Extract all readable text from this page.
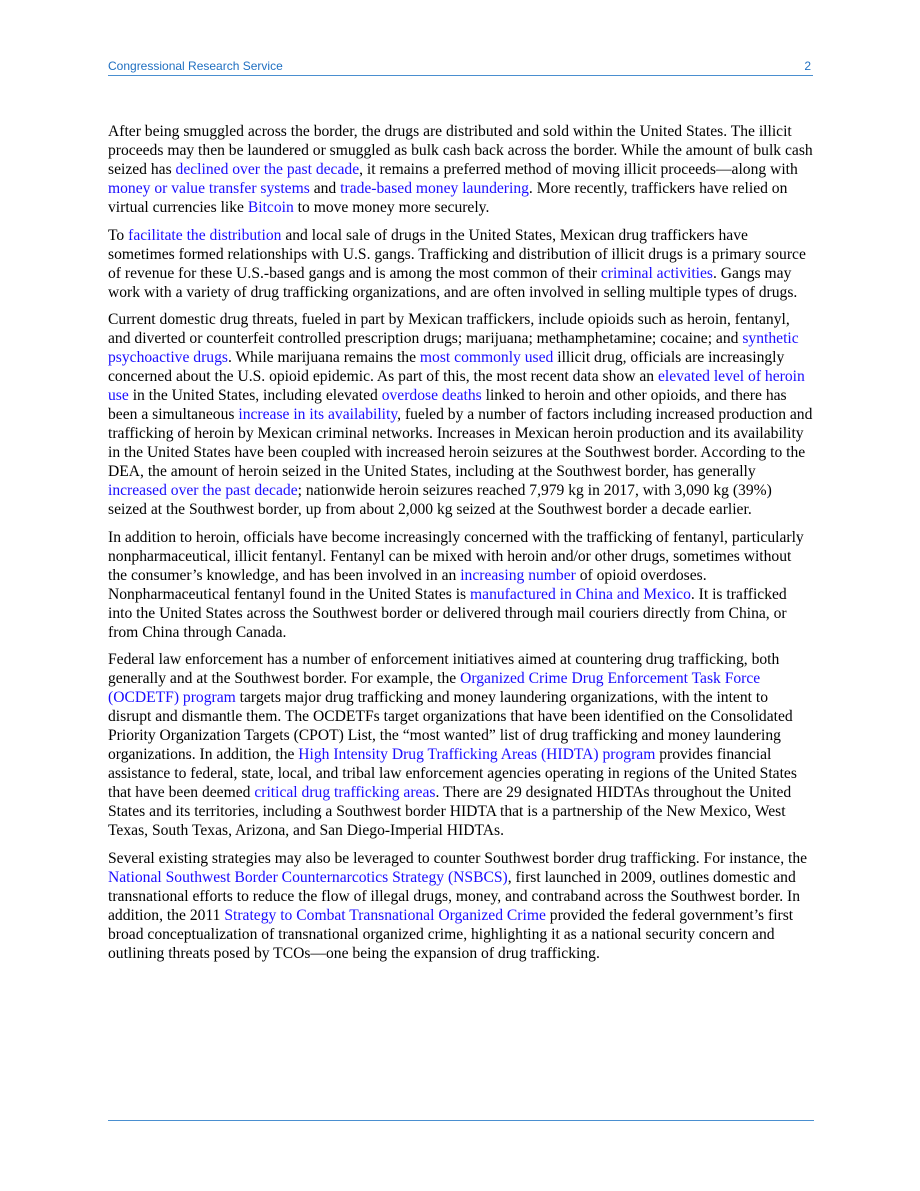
Congressional Research Service	2

After being smuggled across the border, the drugs are distributed and sold within the United States. The illicit proceeds may then be laundered or smuggled as bulk cash back across the border. While the amount of bulk cash seized has declined over the past decade, it remains a preferred method of moving illicit proceeds—along with money or value transfer systems and trade-based money laundering. More recently, traffickers have relied on virtual currencies like Bitcoin to move money more securely.

To facilitate the distribution and local sale of drugs in the United States, Mexican drug traffickers have sometimes formed relationships with U.S. gangs. Trafficking and distribution of illicit drugs is a primary source of revenue for these U.S.-based gangs and is among the most common of their criminal activities. Gangs may work with a variety of drug trafficking organizations, and are often involved in selling multiple types of drugs.

Current domestic drug threats, fueled in part by Mexican traffickers, include opioids such as heroin, fentanyl, and diverted or counterfeit controlled prescription drugs; marijuana; methamphetamine; cocaine; and synthetic psychoactive drugs. While marijuana remains the most commonly used illicit drug, officials are increasingly concerned about the U.S. opioid epidemic. As part of this, the most recent data show an elevated level of heroin use in the United States, including elevated overdose deaths linked to heroin and other opioids, and there has been a simultaneous increase in its availability, fueled by a number of factors including increased production and trafficking of heroin by Mexican criminal networks. Increases in Mexican heroin production and its availability in the United States have been coupled with increased heroin seizures at the Southwest border. According to the DEA, the amount of heroin seized in the United States, including at the Southwest border, has generally increased over the past decade; nationwide heroin seizures reached 7,979 kg in 2017, with 3,090 kg (39%) seized at the Southwest border, up from about 2,000 kg seized at the Southwest border a decade earlier.

In addition to heroin, officials have become increasingly concerned with the trafficking of fentanyl, particularly nonpharmaceutical, illicit fentanyl. Fentanyl can be mixed with heroin and/or other drugs, sometimes without the consumer’s knowledge, and has been involved in an increasing number of opioid overdoses. Nonpharmaceutical fentanyl found in the United States is manufactured in China and Mexico. It is trafficked into the United States across the Southwest border or delivered through mail couriers directly from China, or from China through Canada.

Federal law enforcement has a number of enforcement initiatives aimed at countering drug trafficking, both generally and at the Southwest border. For example, the Organized Crime Drug Enforcement Task Force (OCDETF) program targets major drug trafficking and money laundering organizations, with the intent to disrupt and dismantle them. The OCDETFs target organizations that have been identified on the Consolidated Priority Organization Targets (CPOT) List, the “most wanted” list of drug trafficking and money laundering organizations. In addition, the High Intensity Drug Trafficking Areas (HIDTA) program provides financial assistance to federal, state, local, and tribal law enforcement agencies operating in regions of the United States that have been deemed critical drug trafficking areas. There are 29 designated HIDTAs throughout the United States and its territories, including a Southwest border HIDTA that is a partnership of the New Mexico, West Texas, South Texas, Arizona, and San Diego-Imperial HIDTAs.

Several existing strategies may also be leveraged to counter Southwest border drug trafficking. For instance, the National Southwest Border Counternarcotics Strategy (NSBCS), first launched in 2009, outlines domestic and transnational efforts to reduce the flow of illegal drugs, money, and contraband across the Southwest border. In addition, the 2011 Strategy to Combat Transnational Organized Crime provided the federal government’s first broad conceptualization of transnational organized crime, highlighting it as a national security concern and outlining threats posed by TCOs—one being the expansion of drug trafficking.
